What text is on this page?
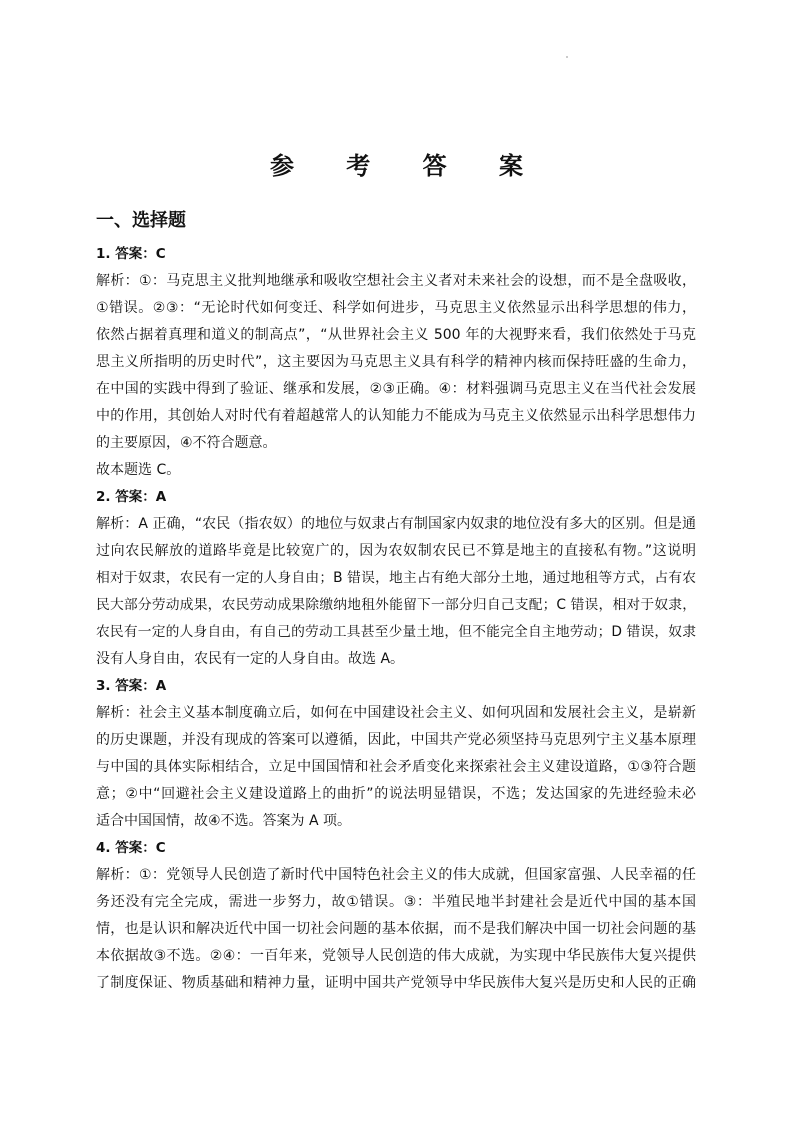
参 考 答 案
一、选择题
1. 答案：C
解析：①：马克思主义批判地继承和吸收空想社会主义者对未来社会的设想，而不是全盘吸收，
①错误。②③：“无论时代如何变迁、科学如何进步，马克思主义依然显示出科学思想的伟力，
依然占据着真理和道义的制高点”，“从世界社会主义 500 年的大视野来看，我们依然处于马克
思主义所指明的历史时代”，这主要因为马克思主义具有科学的精神内核而保持旺盛的生命力，
在中国的实践中得到了验证、继承和发展，②③正确。④：材料强调马克思主义在当代社会发展
中的作用，其创始人对时代有着超越常人的认知能力不能成为马克主义依然显示出科学思想伟力
的主要原因，④不符合题意。
故本题选 C。
2. 答案：A
解析：A 正确，“农民（指农奴）的地位与奴隶占有制国家内奴隶的地位没有多大的区别。但是通
过向农民解放的道路毕竟是比较宽广的，因为农奴制农民已不算是地主的直接私有物。”这说明
相对于奴隶，农民有一定的人身自由；B 错误，地主占有绝大部分土地，通过地租等方式，占有农
民大部分劳动成果，农民劳动成果除缴纳地租外能留下一部分归自己支配；C 错误，相对于奴隶，
农民有一定的人身自由，有自己的劳动工具甚至少量土地，但不能完全自主地劳动；D 错误，奴隶
没有人身自由，农民有一定的人身自由。故选 A。
3. 答案：A
解析：社会主义基本制度确立后，如何在中国建设社会主义、如何巩固和发展社会主义，是崭新
的历史课题，并没有现成的答案可以遵循，因此，中国共产党必须坚持马克思列宁主义基本原理
与中国的具体实际相结合，立足中国国情和社会矛盾变化来探索社会主义建设道路，①③符合题
意；②中“回避社会主义建设道路上的曲折”的说法明显错误，不选；发达国家的先进经验未必
适合中国国情，故④不选。答案为 A 项。
4. 答案：C
解析：①：党领导人民创造了新时代中国特色社会主义的伟大成就，但国家富强、人民幸福的任
务还没有完全完成，需进一步努力，故①错误。③：半殖民地半封建社会是近代中国的基本国
情，也是认识和解决近代中国一切社会问题的基本依据，而不是我们解决中国一切社会问题的基
本依据故③不选。②④：一百年来，党领导人民创造的伟大成就，为实现中华民族伟大复兴提供
了制度保证、物质基础和精神力量，证明中国共产党领导中华民族伟大复兴是历史和人民的正确
